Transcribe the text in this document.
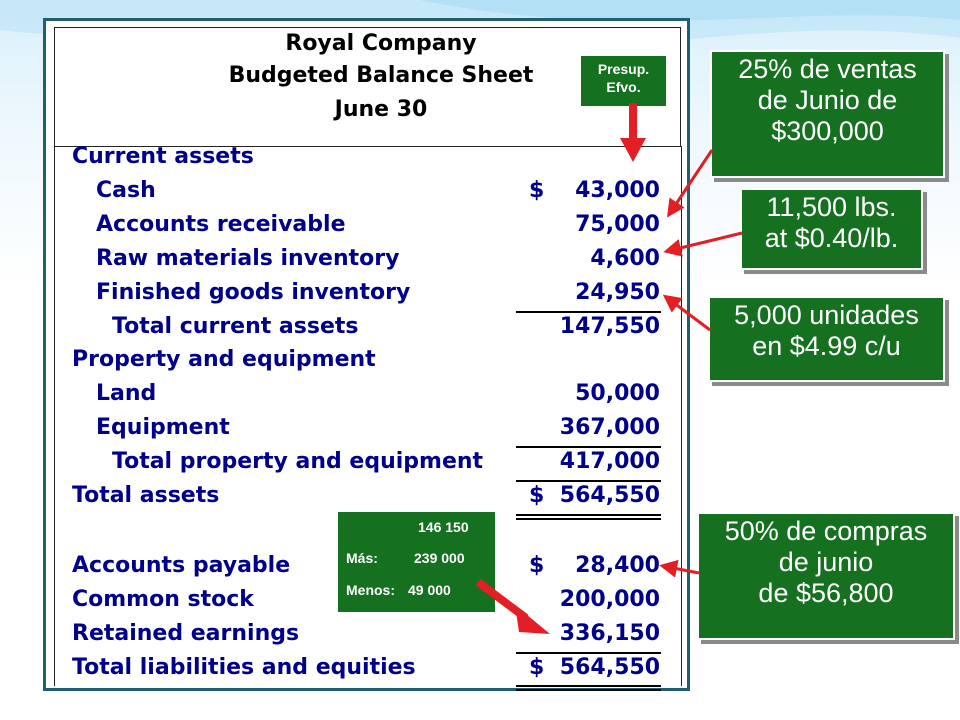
Royal Company
Budgeted Balance Sheet
June 30
Presup.
Efvo.
Current assets
Cash	$ 43,000
Accounts receivable	75,000
Raw materials inventory	4,600
Finished goods inventory	24,950
Total current assets	147,550
Property and equipment
Land	50,000
Equipment	367,000
Total property and equipment	417,000
Total assets	$ 564,550
146 150
Más:	239 000
Menos: 49 000
Accounts payable	$ 28,400
Common stock	200,000
Retained earnings	336,150
Total liabilities and equities	$ 564,550
25% de ventas
de Junio de
$300,000
11,500 lbs.
at $0.40/lb.
5,000 unidades
en $4.99 c/u
50% de compras
de junio
de $56,800
